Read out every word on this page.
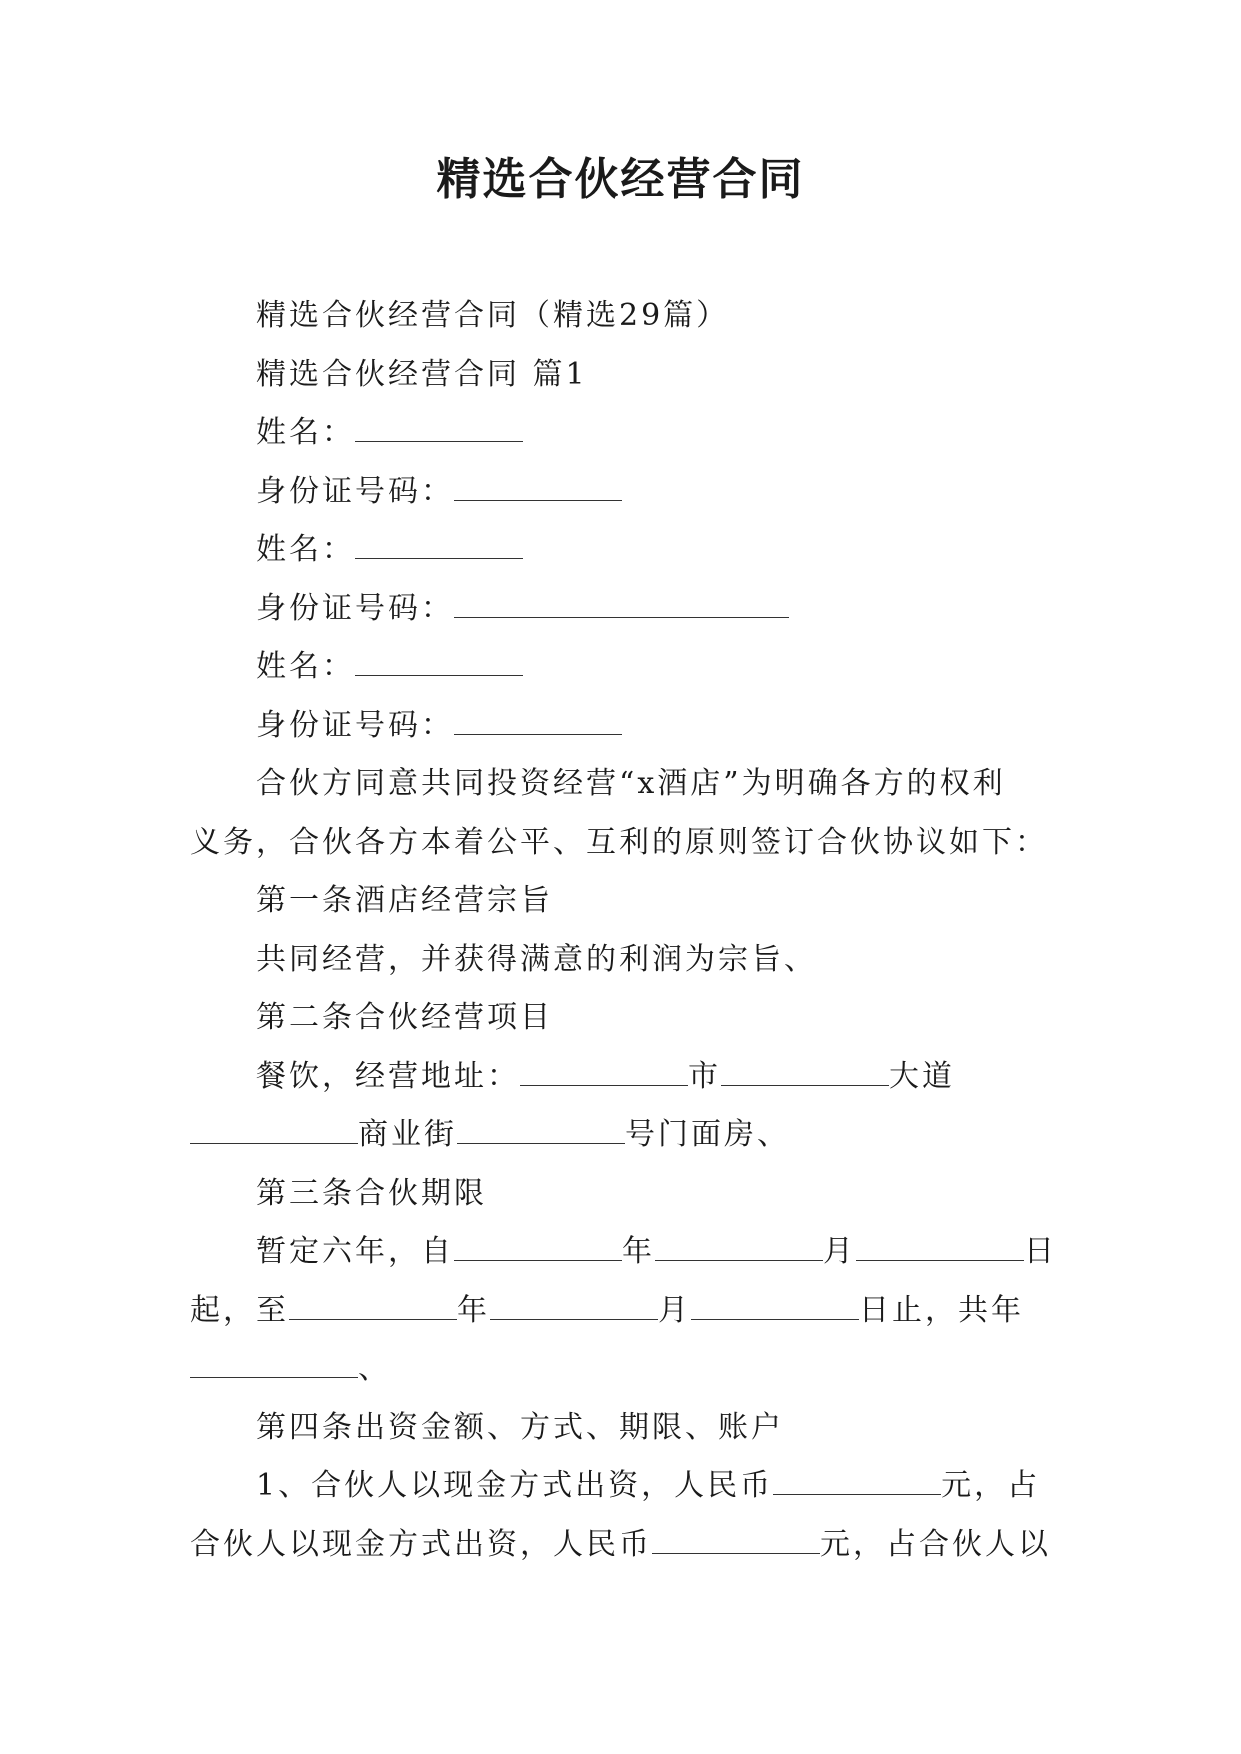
精选合伙经营合同

精选合伙经营合同（精选29篇）

精选合伙经营合同 篇1

姓名：

身份证号码：

姓名：

身份证号码：

姓名：

身份证号码：

合伙方同意共同投资经营“x酒店”为明确各方的权利

义务，合伙各方本着公平、互利的原则签订合伙协议如下：

第一条酒店经营宗旨

共同经营，并获得满意的利润为宗旨、

第二条合伙经营项目

餐饮，经营地址：	市	大道

商业街	号门面房、

第三条合伙期限

暂定六年，自	年	月	日

起，至	年	月	日止，共年

、

第四条出资金额、方式、期限、账户

1、合伙人以现金方式出资，人民币	元，占

合伙人以现金方式出资，人民币	元，占合伙人以
